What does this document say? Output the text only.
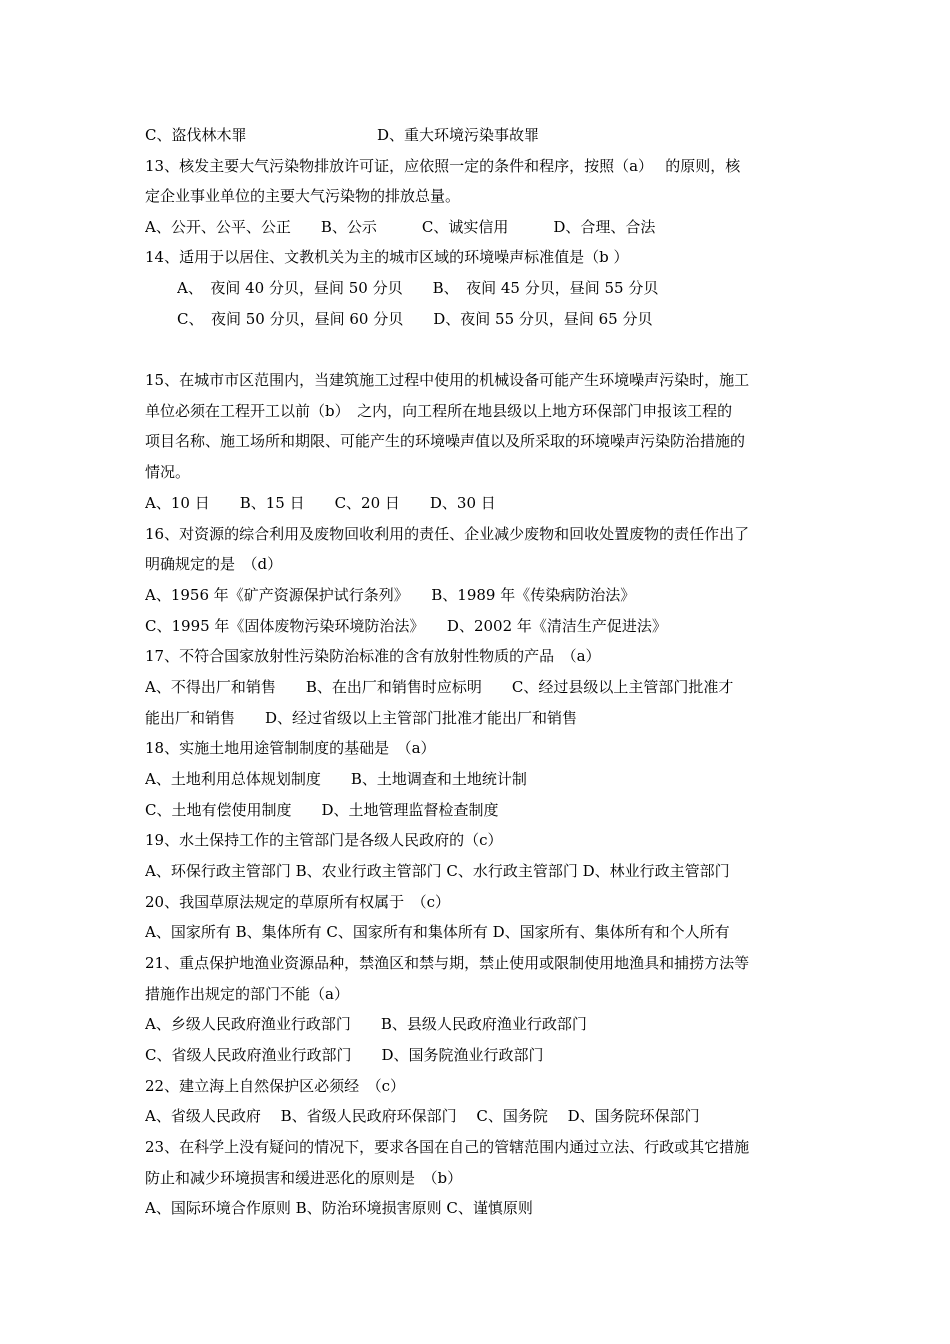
C、盗伐林木罪	D、重大环境污染事故罪
13、核发主要大气污染物排放许可证，应依照一定的条件和程序，按照（a）　 的原则，核
定企业事业单位的主要大气污染物的排放总量。
A、公开、公平、公正　　B、公示　　　C、诚实信用　　　D、合理、合法
14、适用于以居住、文教机关为主的城市区域的环境噪声标准值是（b ）
A、　夜间 40 分贝，昼间 50 分贝　　B、　夜间 45 分贝，昼间 55 分贝
C、　夜间 50 分贝，昼间 60 分贝　　D、夜间 55 分贝，昼间 65 分贝
15、在城市市区范围内，当建筑施工过程中使用的机械设备可能产生环境噪声污染时，施工
单位必须在工程开工以前（b）　之内，向工程所在地县级以上地方环保部门申报该工程的
项目名称、施工场所和期限、可能产生的环境噪声值以及所采取的环境噪声污染防治措施的
情况。
A、10 日　　B、15 日　　C、20 日　　D、30 日
16、对资源的综合利用及废物回收利用的责任、企业减少废物和回收处置废物的责任作出了
明确规定的是　（d）
A、1956 年《矿产资源保护试行条列》　　B、1989 年《传染病防治法》
C、1995 年《固体废物污染环境防治法》　　D、2002 年《清洁生产促进法》
17、不符合国家放射性污染防治标准的含有放射性物质的产品　（a）
A、不得出厂和销售　　B、在出厂和销售时应标明　　C、经过县级以上主管部门批准才
能出厂和销售　　D、经过省级以上主管部门批准才能出厂和销售
18、实施土地用途管制制度的基础是　（a）
A、土地利用总体规划制度　　B、土地调查和土地统计制
C、土地有偿使用制度　　D、土地管理监督检查制度
19、水土保持工作的主管部门是各级人民政府的（c）
A、环保行政主管部门 B、农业行政主管部门 C、水行政主管部门 D、林业行政主管部门
20、我国草原法规定的草原所有权属于　（c）
A、国家所有 B、集体所有 C、国家所有和集体所有 D、国家所有、集体所有和个人所有
21、重点保护地渔业资源品种，禁渔区和禁与期，禁止使用或限制使用地渔具和捕捞方法等
措施作出规定的部门不能（a）
A、乡级人民政府渔业行政部门　　B、县级人民政府渔业行政部门
C、省级人民政府渔业行政部门　　D、国务院渔业行政部门
22、建立海上自然保护区必须经　（c）
A、省级人民政府　 B、省级人民政府环保部门　 C、国务院　 D、国务院环保部门
23、在科学上没有疑问的情况下，要求各国在自己的管辖范围内通过立法、行政或其它措施
防止和减少环境损害和缓进恶化的原则是　（b）
A、国际环境合作原则 B、防治环境损害原则 C、谨慎原则
